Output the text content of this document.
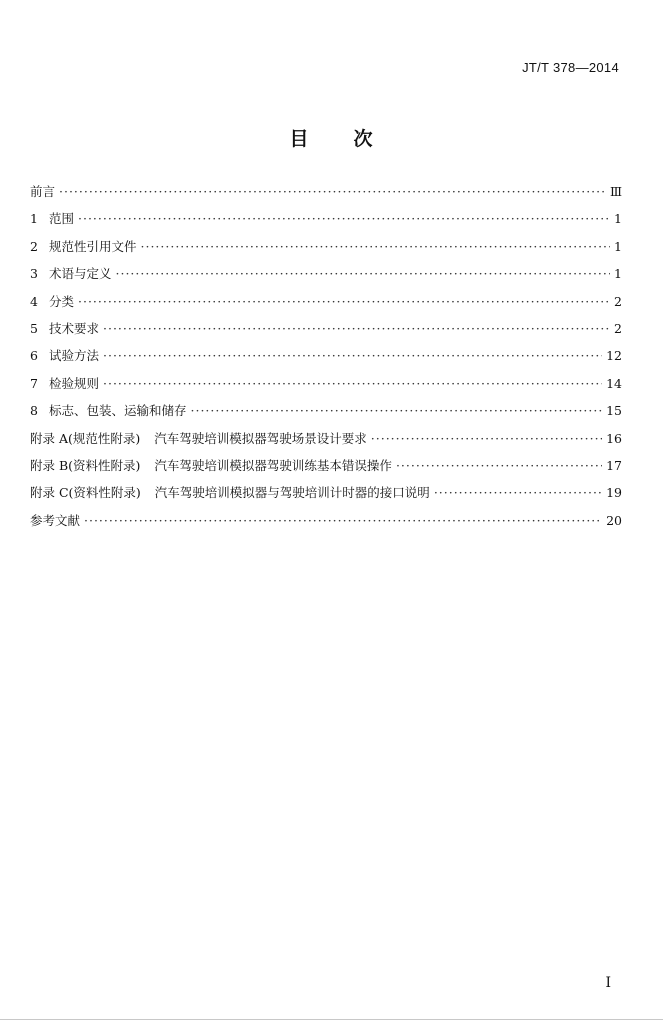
JT/T 378—2014
目 次
前言 ·····	Ⅲ
1 范围 ·····	1
2 规范性引用文件 ·····	1
3 术语与定义 ·····	1
4 分类 ·····	2
5 技术要求 ·····	2
6 试验方法 ·····	12
7 检验规则 ·····	14
8 标志、包装、运输和储存 ·····	15
附录 A(规范性附录) 汽车驾驶培训模拟器驾驶场景设计要求 ·····	16
附录 B(资料性附录) 汽车驾驶培训模拟器驾驶训练基本错误操作 ·····	17
附录 C(资料性附录) 汽车驾驶培训模拟器与驾驶培训计时器的接口说明 ·····	19
参考文献 ·····	20
I
